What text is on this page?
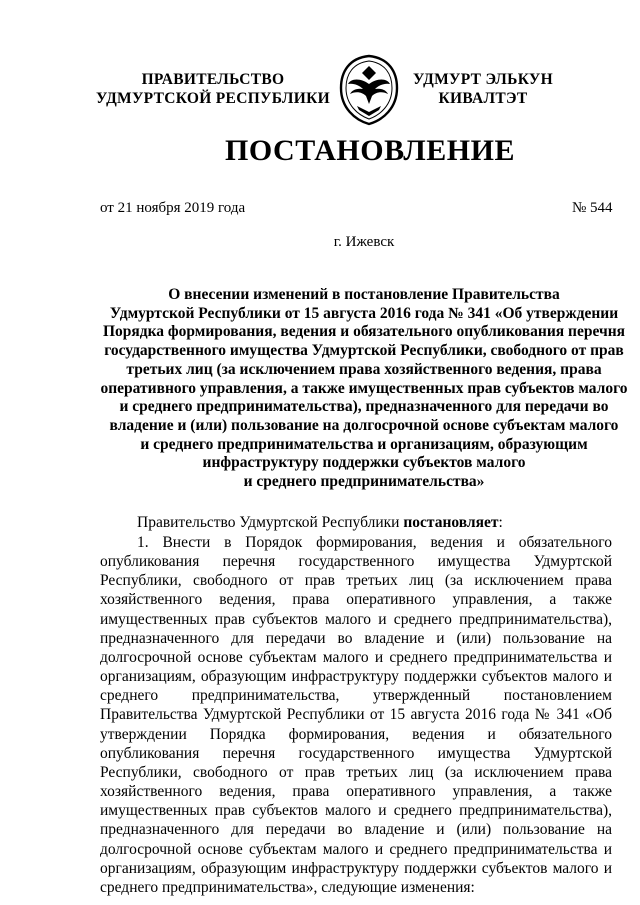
ПРАВИТЕЛЬСТВО
УДМУРТСКОЙ РЕСПУБЛИКИ
УДМУРТ ЭЛЬКУН
КИВАЛТЭТ
ПОСТАНОВЛЕНИЕ
от 21 ноября 2019 года	№ 544
г. Ижевск
О внесении изменений в постановление Правительства
Удмуртской Республики от 15 августа 2016 года № 341 «Об утверждении
Порядка формирования, ведения и обязательного опубликования перечня
государственного имущества Удмуртской Республики, свободного от прав
третьих лиц (за исключением права хозяйственного ведения, права
оперативного управления, а также имущественных прав субъектов малого
и среднего предпринимательства), предназначенного для передачи во
владение и (или) пользование на долгосрочной основе субъектам малого
и среднего предпринимательства и организациям, образующим
инфраструктуру поддержки субъектов малого
и среднего предпринимательства»
Правительство Удмуртской Республики постановляет:
1. Внести в Порядок формирования, ведения и обязательного опубликования перечня государственного имущества Удмуртской Республики, свободного от прав третьих лиц (за исключением права хозяйственного ведения, права оперативного управления, а также имущественных прав субъектов малого и среднего предпринимательства), предназначенного для передачи во владение и (или) пользование на долгосрочной основе субъектам малого и среднего предпринимательства и организациям, образующим инфраструктуру поддержки субъектов малого и среднего предпринимательства, утвержденный постановлением Правительства Удмуртской Республики от 15 августа 2016 года № 341 «Об утверждении Порядка формирования, ведения и обязательного опубликования перечня государственного имущества Удмуртской Республики, свободного от прав третьих лиц (за исключением права хозяйственного ведения, права оперативного управления, а также имущественных прав субъектов малого и среднего предпринимательства), предназначенного для передачи во владение и (или) пользование на долгосрочной основе субъектам малого и среднего предпринимательства и организациям, образующим инфраструктуру поддержки субъектов малого и среднего предпринимательства», следующие изменения:
